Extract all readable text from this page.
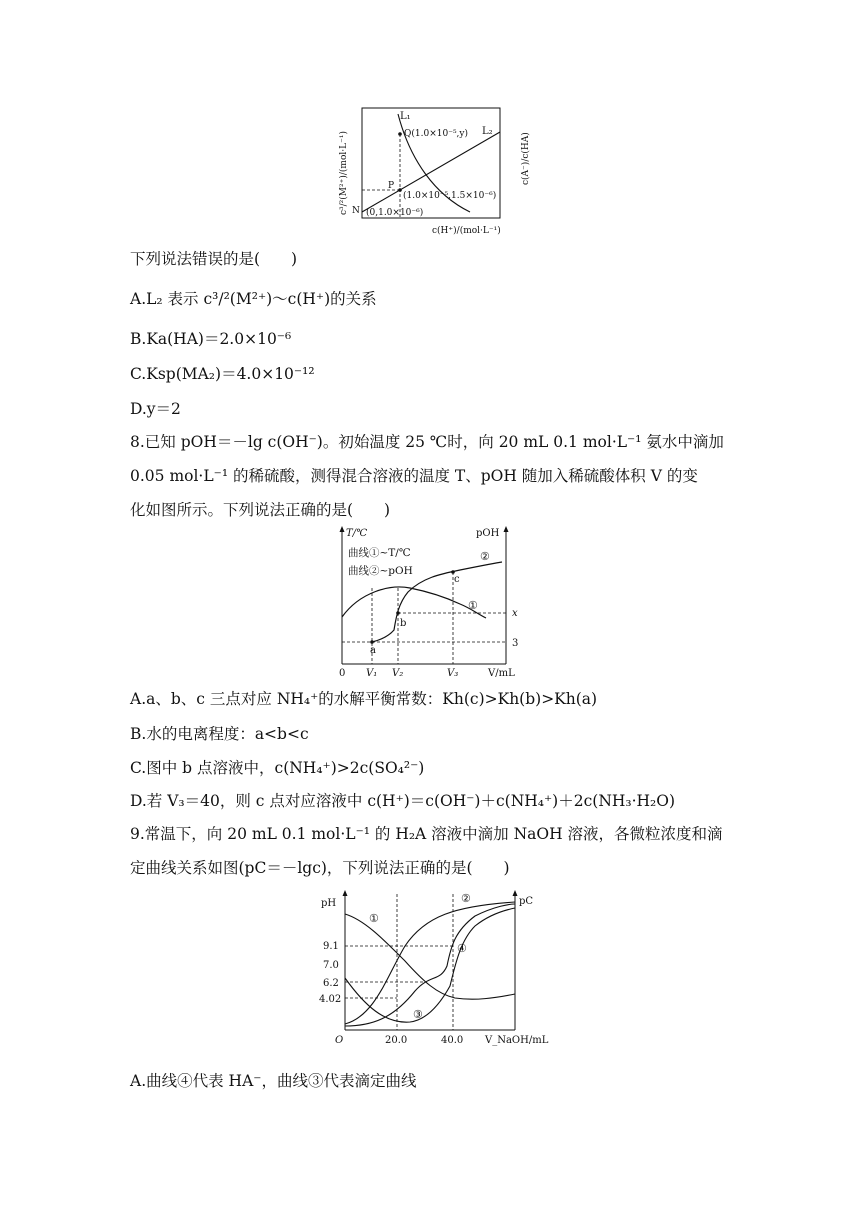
c³/²(M²⁺)/(mol·L⁻¹)	c(A⁻)/c(HA)
c(H⁺)/(mol·L⁻¹)
L₁
L₂
Q(1.0×10⁻⁵,y)
P
(1.0×10⁻⁵,1.5×10⁻⁶)
N (0,1.0×10⁻⁶)
下列说法错误的是(　　)
A.L₂ 表示 c³/²(M²⁺)～c(H⁺)的关系
B.Ka(HA)＝2.0×10⁻⁶
C.Ksp(MA₂)＝4.0×10⁻¹²
D.y＝2
8.已知 pOH＝－lg c(OH⁻)。初始温度 25 ℃时，向 20 mL 0.1 mol·L⁻¹ 氨水中滴加
0.05 mol·L⁻¹ 的稀硫酸，测得混合溶液的温度 T、pOH 随加入稀硫酸体积 V 的变
化如图所示。下列说法正确的是(　　)
T/℃	pOH
曲线①~T/℃
曲线②~pOH
a
b
c
①
②
x
3
0 V₁ V₂	V₃	V/mL
A.a、b、c 三点对应 NH₄⁺的水解平衡常数：Kh(c)>Kh(b)>Kh(a)
B.水的电离程度：a<b<c
C.图中 b 点溶液中，c(NH₄⁺)>2c(SO₄²⁻)
D.若 V₃＝40，则 c 点对应溶液中 c(H⁺)＝c(OH⁻)＋c(NH₄⁺)＋2c(NH₃·H₂O)
9.常温下，向 20 mL 0.1 mol·L⁻¹ 的 H₂A 溶液中滴加 NaOH 溶液，各微粒浓度和滴
定曲线关系如图(pC＝－lgc)，下列说法正确的是(　　)
pH	pC
9.1
7.0
6.2
4.02
①
②
③
④
O	20.0	40.0 V_NaOH/mL
A.曲线④代表 HA⁻，曲线③代表滴定曲线
